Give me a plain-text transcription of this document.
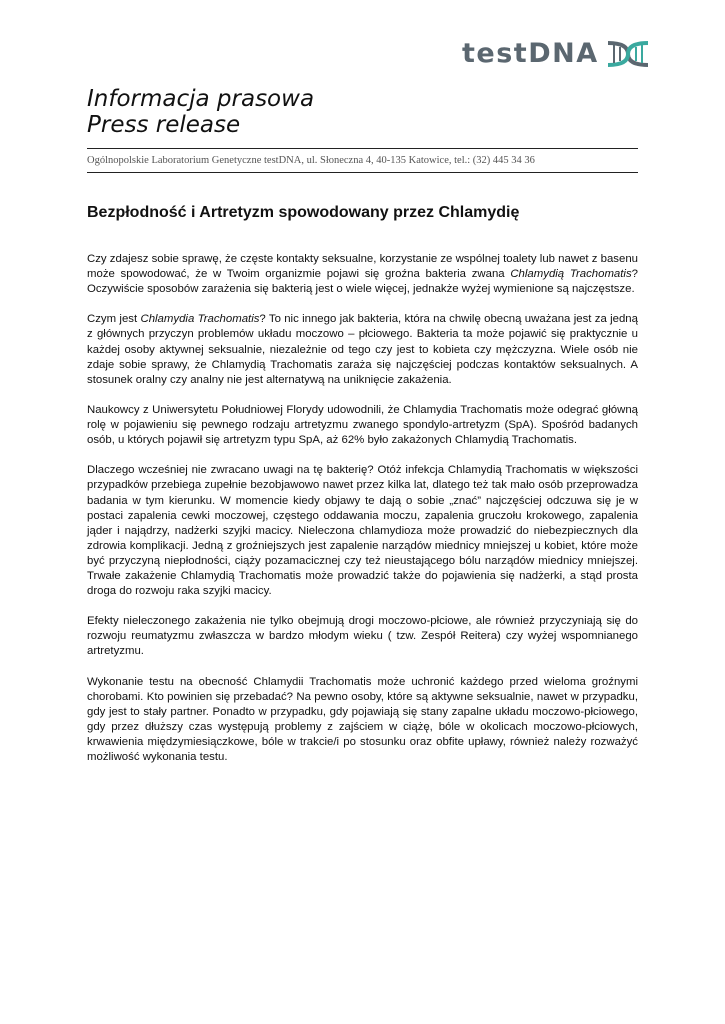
testDNA
Informacja prasowa
Press release
Ogólnopolskie Laboratorium Genetyczne testDNA, ul. Słoneczna 4, 40-135 Katowice, tel.: (32) 445 34 36
Bezpłodność i Artretyzm spowodowany przez Chlamydię

Czy zdajesz sobie sprawę, że częste kontakty seksualne, korzystanie ze wspólnej toalety lub nawet z basenu może spowodować, że w Twoim organizmie pojawi się groźna bakteria zwana Chlamydią Trachomatis? Oczywiście sposobów zarażenia się bakterią jest o wiele więcej, jednakże wyżej wymienione są najczęstsze.

Czym jest Chlamydia Trachomatis? To nic innego jak bakteria, która na chwilę obecną uważana jest za jedną z głównych przyczyn problemów układu moczowo – płciowego. Bakteria ta może pojawić się praktycznie u każdej osoby aktywnej seksualnie, niezależnie od tego czy jest to kobieta czy mężczyzna. Wiele osób nie zdaje sobie sprawy, że Chlamydią Trachomatis zaraża się najczęściej podczas kontaktów seksualnych. A stosunek oralny czy analny nie jest alternatywą na uniknięcie zakażenia.

Naukowcy z Uniwersytetu Południowej Florydy udowodnili, że Chlamydia Trachomatis może odegrać główną rolę w pojawieniu się pewnego rodzaju artretyzmu zwanego spondylo-artretyzm (SpA). Spośród badanych osób, u których pojawił się artretyzm typu SpA, aż 62% było zakażonych Chlamydią Trachomatis.

Dlaczego wcześniej nie zwracano uwagi na tę bakterię? Otóż infekcja Chlamydią Trachomatis w większości przypadków przebiega zupełnie bezobjawowo nawet przez kilka lat, dlatego też tak mało osób przeprowadza badania w tym kierunku. W momencie kiedy objawy te dają o sobie „znać” najczęściej odczuwa się je w postaci zapalenia cewki moczowej, częstego oddawania moczu, zapalenia gruczołu krokowego, zapalenia jąder i najądrzy, nadżerki szyjki macicy. Nieleczona chlamydioza może prowadzić do niebezpiecznych dla zdrowia komplikacji. Jedną z groźniejszych jest zapalenie narządów miednicy mniejszej u kobiet, które może być przyczyną niepłodności, ciąży pozamacicznej czy też nieustającego bólu narządów miednicy mniejszej. Trwałe zakażenie Chlamydią Trachomatis może prowadzić także do pojawienia się nadżerki, a stąd prosta droga do rozwoju raka szyjki macicy.

Efekty nieleczonego zakażenia nie tylko obejmują drogi moczowo-płciowe, ale również przyczyniają się do rozwoju reumatyzmu zwłaszcza w bardzo młodym wieku ( tzw. Zespół Reitera) czy wyżej wspomnianego artretyzmu.

Wykonanie testu na obecność Chlamydii Trachomatis może uchronić każdego przed wieloma groźnymi chorobami. Kto powinien się przebadać? Na pewno osoby, które są aktywne seksualnie, nawet w przypadku, gdy jest to stały partner. Ponadto w przypadku, gdy pojawiają się stany zapalne układu moczowo-płciowego, gdy przez dłuższy czas występują problemy z zajściem w ciążę, bóle w okolicach moczowo-płciowych, krwawienia międzymiesiączkowe, bóle w trakcie/i po stosunku oraz obfite upławy, również należy rozważyć możliwość wykonania testu.
